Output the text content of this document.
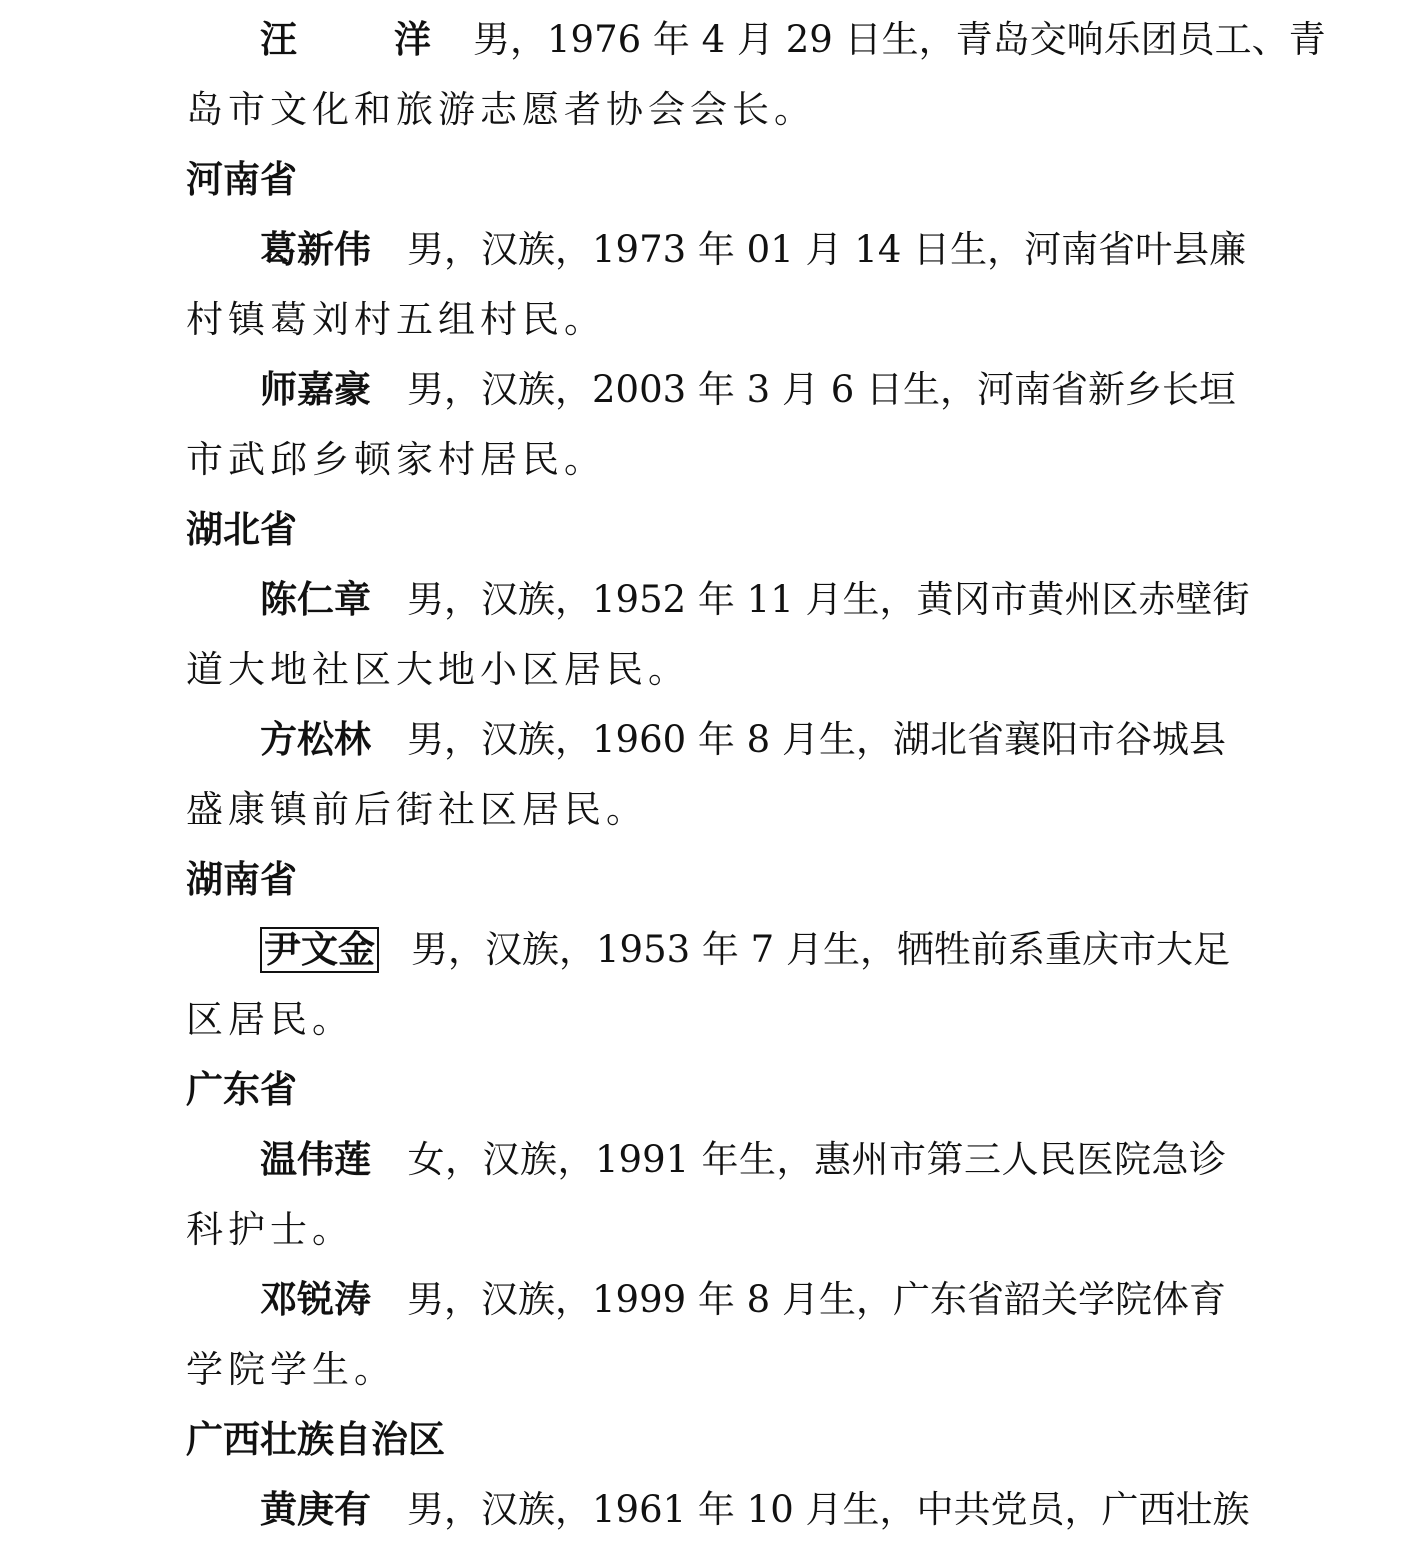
汪　洋 男，1976 年 4 月 29 日生，青岛交响乐团员工、青
岛市文化和旅游志愿者协会会长。
河南省
葛新伟 男，汉族，1973 年 01 月 14 日生，河南省叶县廉
村镇葛刘村五组村民。
师嘉豪 男，汉族，2003 年 3 月 6 日生，河南省新乡长垣
市武邱乡顿家村居民。
湖北省
陈仁章 男，汉族，1952 年 11 月生，黄冈市黄州区赤壁街
道大地社区大地小区居民。
方松林 男，汉族，1960 年 8 月生，湖北省襄阳市谷城县
盛康镇前后街社区居民。
湖南省
尹文金 男，汉族，1953 年 7 月生，牺牲前系重庆市大足
区居民。
广东省
温伟莲 女，汉族，1991 年生，惠州市第三人民医院急诊
科护士。
邓锐涛 男，汉族，1999 年 8 月生，广东省韶关学院体育
学院学生。
广西壮族自治区
黄庚有 男，汉族，1961 年 10 月生，中共党员，广西壮族
